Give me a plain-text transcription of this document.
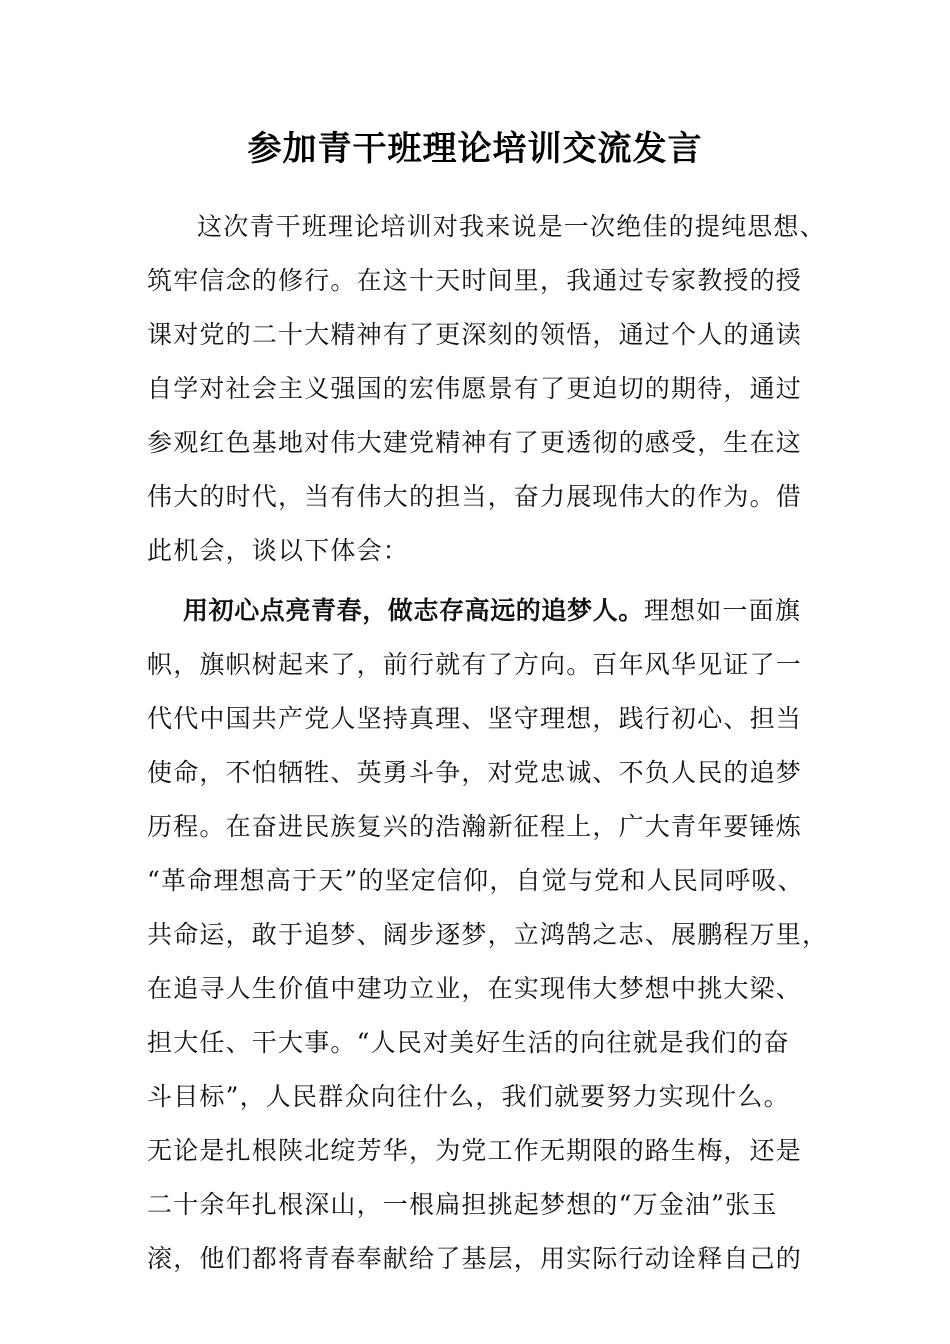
参加青干班理论培训交流发言
这次青干班理论培训对我来说是一次绝佳的提纯思想、
筑牢信念的修行。在这十天时间里，我通过专家教授的授
课对党的二十大精神有了更深刻的领悟，通过个人的通读
自学对社会主义强国的宏伟愿景有了更迫切的期待，通过
参观红色基地对伟大建党精神有了更透彻的感受，生在这
伟大的时代，当有伟大的担当，奋力展现伟大的作为。借
此机会，谈以下体会：
用初心点亮青春，做志存高远的追梦人。理想如一面旗
帜，旗帜树起来了，前行就有了方向。百年风华见证了一
代代中国共产党人坚持真理、坚守理想，践行初心、担当
使命，不怕牺牲、英勇斗争，对党忠诚、不负人民的追梦
历程。在奋进民族复兴的浩瀚新征程上，广大青年要锤炼
“革命理想高于天”的坚定信仰，自觉与党和人民同呼吸、
共命运，敢于追梦、阔步逐梦，立鸿鹄之志、展鹏程万里，
在追寻人生价值中建功立业，在实现伟大梦想中挑大梁、
担大任、干大事。“人民对美好生活的向往就是我们的奋
斗目标”，人民群众向往什么，我们就要努力实现什么。
无论是扎根陕北绽芳华，为党工作无期限的路生梅，还是
二十余年扎根深山，一根扁担挑起梦想的“万金油”张玉
滚，他们都将青春奉献给了基层，用实际行动诠释自己的
